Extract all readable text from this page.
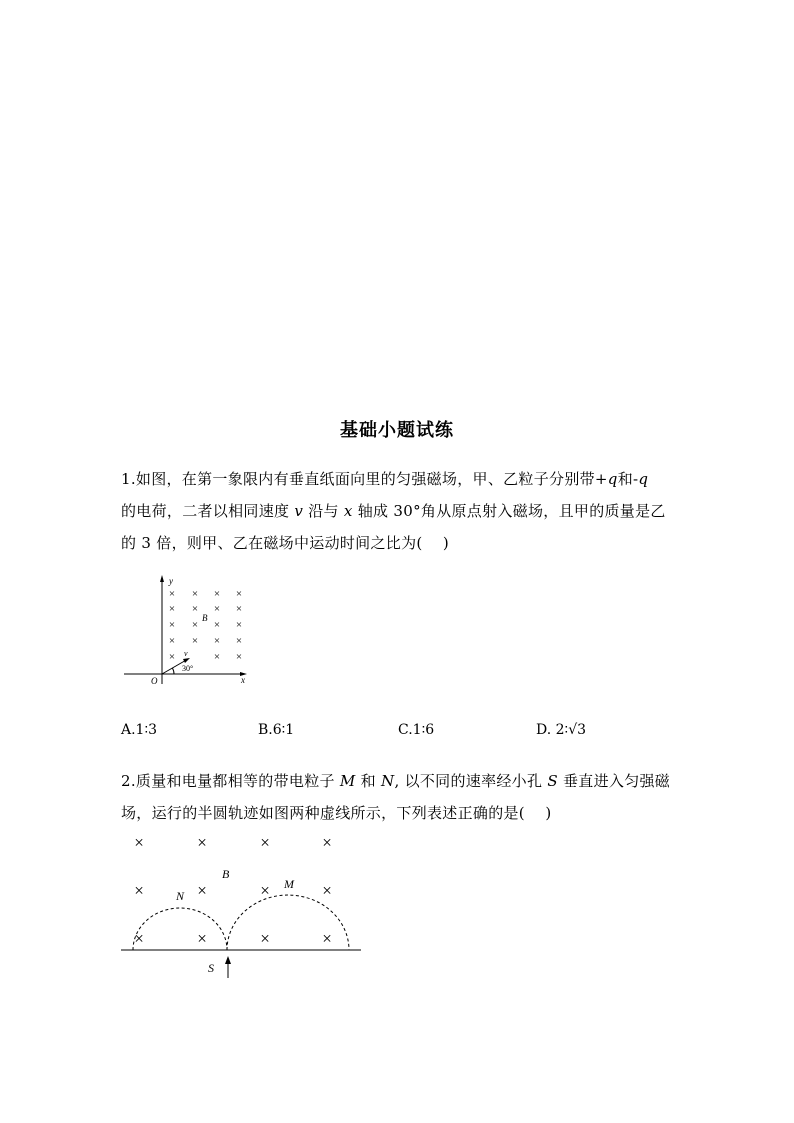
基础小题试练
1.如图，在第一象限内有垂直纸面向里的匀强磁场，甲、乙粒子分别带+q和-q
的电荷，二者以相同速度 v 沿与 x 轴成 30°角从原点射入磁场，且甲的质量是乙
的 3 倍，则甲、乙在磁场中运动时间之比为(　 )
× × × ×
× × × ×
× × × ×
× × × ×
×	× ×
y
x
O
B
v
30°
A.1∶3	B.6∶1	C.1∶6	D. 2∶√3
2.质量和电量都相等的带电粒子 M 和 N, 以不同的速率经小孔 S 垂直进入匀强磁
场，运行的半圆轨迹如图两种虚线所示，下列表述正确的是(　 )
×	×	×	×
×	×	×	×
×	×	×	×
B
N
M
S
